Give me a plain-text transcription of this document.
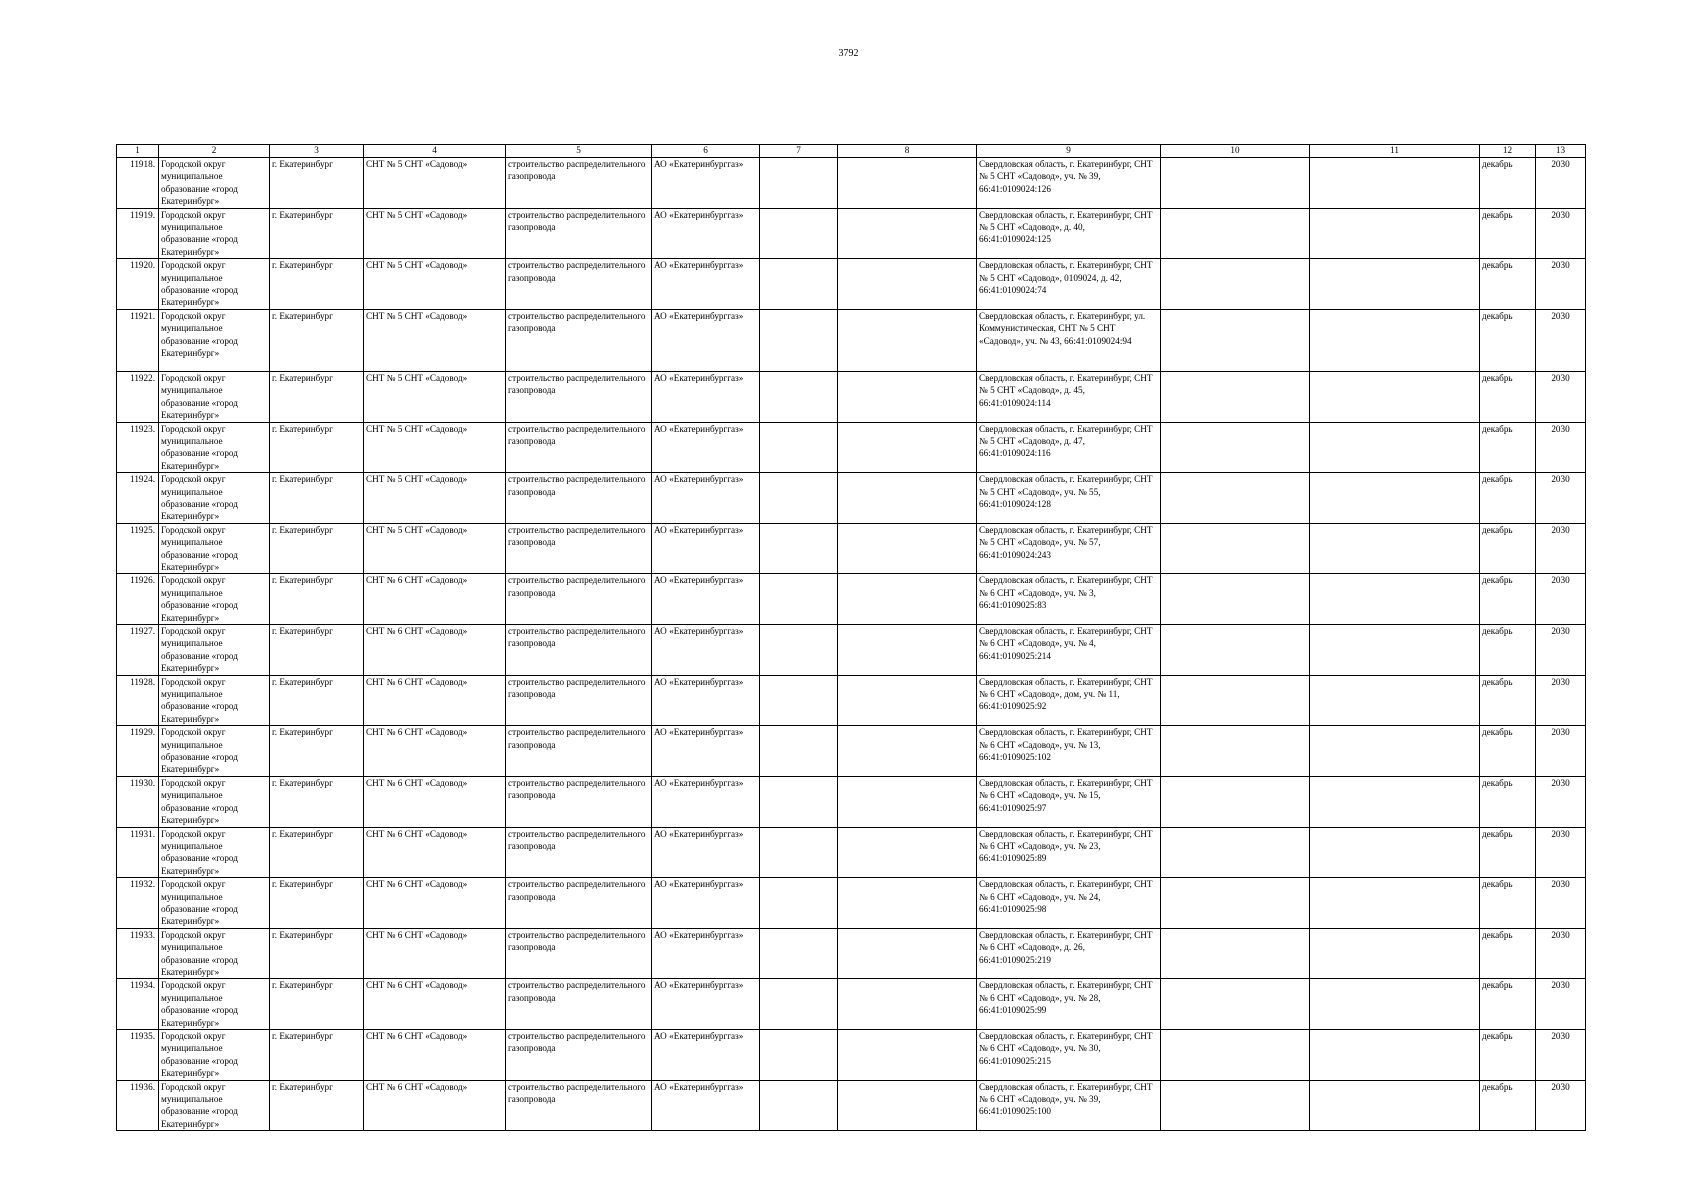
3792
1	2	3	4	5	6	7	8	9	10	11	12	13
11918.	Городской округ муниципальное образование «город Екатеринбург»	г. Екатеринбург	СНТ № 5 СНТ «Садовод»	строительство распределительного газопровода	АО «Екатеринбурггаз»			Свердловская область, г. Екатеринбург, СНТ № 5 СНТ «Садовод», уч. № 39, 66:41:0109024:126			декабрь	2030
11919.	Городской округ муниципальное образование «город Екатеринбург»	г. Екатеринбург	СНТ № 5 СНТ «Садовод»	строительство распределительного газопровода	АО «Екатеринбурггаз»			Свердловская область, г. Екатеринбург, СНТ № 5 СНТ «Садовод», д. 40, 66:41:0109024:125			декабрь	2030
11920.	Городской округ муниципальное образование «город Екатеринбург»	г. Екатеринбург	СНТ № 5 СНТ «Садовод»	строительство распределительного газопровода	АО «Екатеринбурггаз»			Свердловская область, г. Екатеринбург, СНТ № 5 СНТ «Садовод», 0109024, д. 42, 66:41:0109024:74			декабрь	2030
11921.	Городской округ муниципальное образование «город Екатеринбург»	г. Екатеринбург	СНТ № 5 СНТ «Садовод»	строительство распределительного газопровода	АО «Екатеринбурггаз»			Свердловская область, г. Екатеринбург, ул. Коммунистическая, СНТ № 5 СНТ «Садовод», уч. № 43, 66:41:0109024:94			декабрь	2030
11922.	Городской округ муниципальное образование «город Екатеринбург»	г. Екатеринбург	СНТ № 5 СНТ «Садовод»	строительство распределительного газопровода	АО «Екатеринбурггаз»			Свердловская область, г. Екатеринбург, СНТ № 5 СНТ «Садовод», д. 45, 66:41:0109024:114			декабрь	2030
11923.	Городской округ муниципальное образование «город Екатеринбург»	г. Екатеринбург	СНТ № 5 СНТ «Садовод»	строительство распределительного газопровода	АО «Екатеринбурггаз»			Свердловская область, г. Екатеринбург, СНТ № 5 СНТ «Садовод», д. 47, 66:41:0109024:116			декабрь	2030
11924.	Городской округ муниципальное образование «город Екатеринбург»	г. Екатеринбург	СНТ № 5 СНТ «Садовод»	строительство распределительного газопровода	АО «Екатеринбурггаз»			Свердловская область, г. Екатеринбург, СНТ № 5 СНТ «Садовод», уч. № 55, 66:41:0109024:128			декабрь	2030
11925.	Городской округ муниципальное образование «город Екатеринбург»	г. Екатеринбург	СНТ № 5 СНТ «Садовод»	строительство распределительного газопровода	АО «Екатеринбурггаз»			Свердловская область, г. Екатеринбург, СНТ № 5 СНТ «Садовод», уч. № 57, 66:41:0109024:243			декабрь	2030
11926.	Городской округ муниципальное образование «город Екатеринбург»	г. Екатеринбург	СНТ № 6 СНТ «Садовод»	строительство распределительного газопровода	АО «Екатеринбурггаз»			Свердловская область, г. Екатеринбург, СНТ № 6 СНТ «Садовод», уч. № 3, 66:41:0109025:83			декабрь	2030
11927.	Городской округ муниципальное образование «город Екатеринбург»	г. Екатеринбург	СНТ № 6 СНТ «Садовод»	строительство распределительного газопровода	АО «Екатеринбурггаз»			Свердловская область, г. Екатеринбург, СНТ № 6 СНТ «Садовод», уч. № 4, 66:41:0109025:214			декабрь	2030
11928.	Городской округ муниципальное образование «город Екатеринбург»	г. Екатеринбург	СНТ № 6 СНТ «Садовод»	строительство распределительного газопровода	АО «Екатеринбурггаз»			Свердловская область, г. Екатеринбург, СНТ № 6 СНТ «Садовод», дом, уч. № 11, 66:41:0109025:92			декабрь	2030
11929.	Городской округ муниципальное образование «город Екатеринбург»	г. Екатеринбург	СНТ № 6 СНТ «Садовод»	строительство распределительного газопровода	АО «Екатеринбурггаз»			Свердловская область, г. Екатеринбург, СНТ № 6 СНТ «Садовод», уч. № 13, 66:41:0109025:102			декабрь	2030
11930.	Городской округ муниципальное образование «город Екатеринбург»	г. Екатеринбург	СНТ № 6 СНТ «Садовод»	строительство распределительного газопровода	АО «Екатеринбурггаз»			Свердловская область, г. Екатеринбург, СНТ № 6 СНТ «Садовод», уч. № 15, 66:41:0109025:97			декабрь	2030
11931.	Городской округ муниципальное образование «город Екатеринбург»	г. Екатеринбург	СНТ № 6 СНТ «Садовод»	строительство распределительного газопровода	АО «Екатеринбурггаз»			Свердловская область, г. Екатеринбург, СНТ № 6 СНТ «Садовод», уч. № 23, 66:41:0109025:89			декабрь	2030
11932.	Городской округ муниципальное образование «город Екатеринбург»	г. Екатеринбург	СНТ № 6 СНТ «Садовод»	строительство распределительного газопровода	АО «Екатеринбурггаз»			Свердловская область, г. Екатеринбург, СНТ № 6 СНТ «Садовод», уч. № 24, 66:41:0109025:98			декабрь	2030
11933.	Городской округ муниципальное образование «город Екатеринбург»	г. Екатеринбург	СНТ № 6 СНТ «Садовод»	строительство распределительного газопровода	АО «Екатеринбурггаз»			Свердловская область, г. Екатеринбург, СНТ № 6 СНТ «Садовод», д. 26, 66:41:0109025:219			декабрь	2030
11934.	Городской округ муниципальное образование «город Екатеринбург»	г. Екатеринбург	СНТ № 6 СНТ «Садовод»	строительство распределительного газопровода	АО «Екатеринбурггаз»			Свердловская область, г. Екатеринбург, СНТ № 6 СНТ «Садовод», уч. № 28, 66:41:0109025:99			декабрь	2030
11935.	Городской округ муниципальное образование «город Екатеринбург»	г. Екатеринбург	СНТ № 6 СНТ «Садовод»	строительство распределительного газопровода	АО «Екатеринбурггаз»			Свердловская область, г. Екатеринбург, СНТ № 6 СНТ «Садовод», уч. № 30, 66:41:0109025:215			декабрь	2030
11936.	Городской округ муниципальное образование «город Екатеринбург»	г. Екатеринбург	СНТ № 6 СНТ «Садовод»	строительство распределительного газопровода	АО «Екатеринбурггаз»			Свердловская область, г. Екатеринбург, СНТ № 6 СНТ «Садовод», уч. № 39, 66:41:0109025:100			декабрь	2030
